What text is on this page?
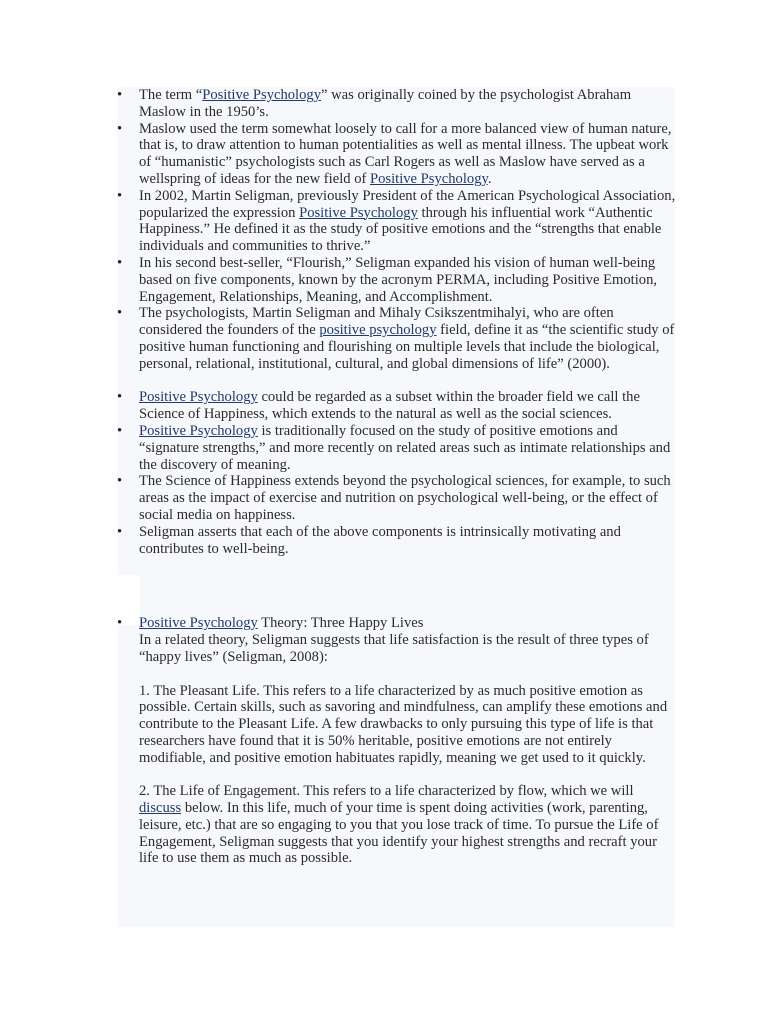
• The term “Positive Psychology” was originally coined by the psychologist Abraham Maslow in the 1950’s.
• Maslow used the term somewhat loosely to call for a more balanced view of human nature, that is, to draw attention to human potentialities as well as mental illness. The upbeat work of “humanistic” psychologists such as Carl Rogers as well as Maslow have served as a wellspring of ideas for the new field of Positive Psychology.
• In 2002, Martin Seligman, previously President of the American Psychological Association, popularized the expression Positive Psychology through his influential work “Authentic Happiness.” He defined it as the study of positive emotions and the “strengths that enable individuals and communities to thrive.”
• In his second best-seller, “Flourish,” Seligman expanded his vision of human well-being based on five components, known by the acronym PERMA, including Positive Emotion, Engagement, Relationships, Meaning, and Accomplishment.
• The psychologists, Martin Seligman and Mihaly Csikszentmihalyi, who are often considered the founders of the positive psychology field, define it as “the scientific study of positive human functioning and flourishing on multiple levels that include the biological, personal, relational, institutional, cultural, and global dimensions of life” (2000).
• Positive Psychology could be regarded as a subset within the broader field we call the Science of Happiness, which extends to the natural as well as the social sciences.
• Positive Psychology is traditionally focused on the study of positive emotions and “signature strengths,” and more recently on related areas such as intimate relationships and the discovery of meaning.
• The Science of Happiness extends beyond the psychological sciences, for example, to such areas as the impact of exercise and nutrition on psychological well-being, or the effect of social media on happiness.
• Seligman asserts that each of the above components is intrinsically motivating and contributes to well-being.
• Positive Psychology Theory: Three Happy Lives
In a related theory, Seligman suggests that life satisfaction is the result of three types of “happy lives” (Seligman, 2008):
1. The Pleasant Life. This refers to a life characterized by as much positive emotion as possible. Certain skills, such as savoring and mindfulness, can amplify these emotions and contribute to the Pleasant Life. A few drawbacks to only pursuing this type of life is that researchers have found that it is 50% heritable, positive emotions are not entirely modifiable, and positive emotion habituates rapidly, meaning we get used to it quickly.
2. The Life of Engagement. This refers to a life characterized by flow, which we will discuss below. In this life, much of your time is spent doing activities (work, parenting, leisure, etc.) that are so engaging to you that you lose track of time. To pursue the Life of Engagement, Seligman suggests that you identify your highest strengths and recraft your life to use them as much as possible.
